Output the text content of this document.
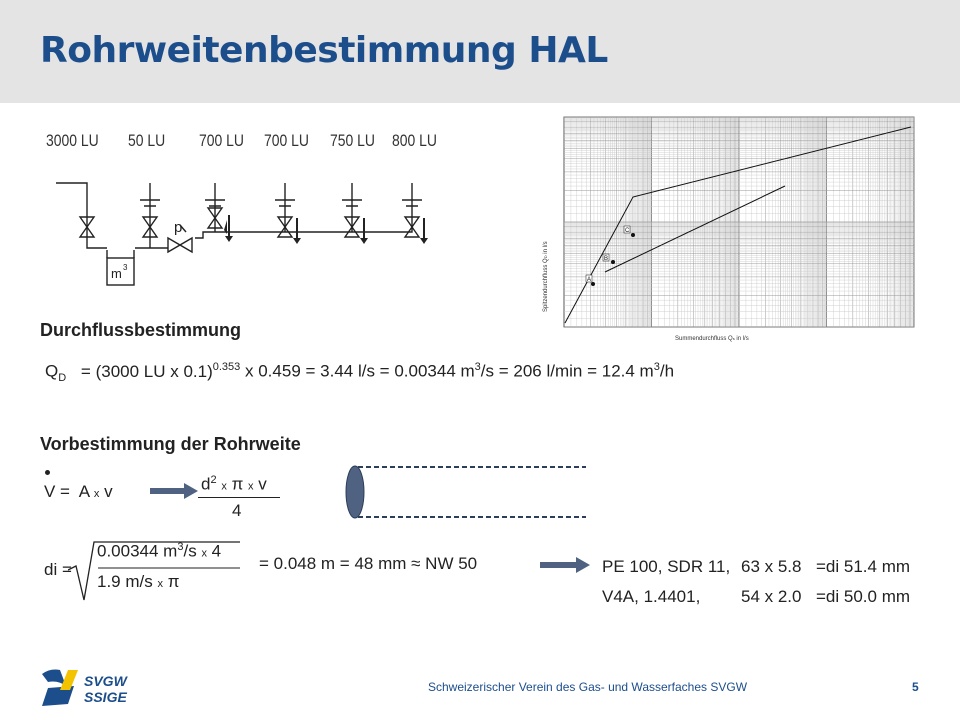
Rohrweitenbestimmung HAL
3000 LU 50 LU 700 LU 700 LU 750 LU 800 LU
p
m 3
A
B
C
Spitzendurchfluss QD in l/s
Summendurchfluss Qs in l/s
Durchflussbestimmung
$Q_D = (3000$ LU x 0.1)$^{0.353}$ x 0.459 = 3.44 l/s = 0.00344 $m^3/s = 206$ l/min = 12.4 $m^3/h$
Vorbestimmung der Rohrweite
V = A x v	$d^2$ x π x v
4
di =
0.00344 $m^3/s$ x 4
1.9 m/s x π
= 0.048 m = 48 mm ≈ NW 50	PE 100, SDR 11, 63 x 5.8 =di 51.4 mm
V4A, 1.4401, 54 x 2.0 =di 50.0 mm
SVGW
SSIGE
Schweizerischer Verein des Gas- und Wasserfaches SVGW	5
